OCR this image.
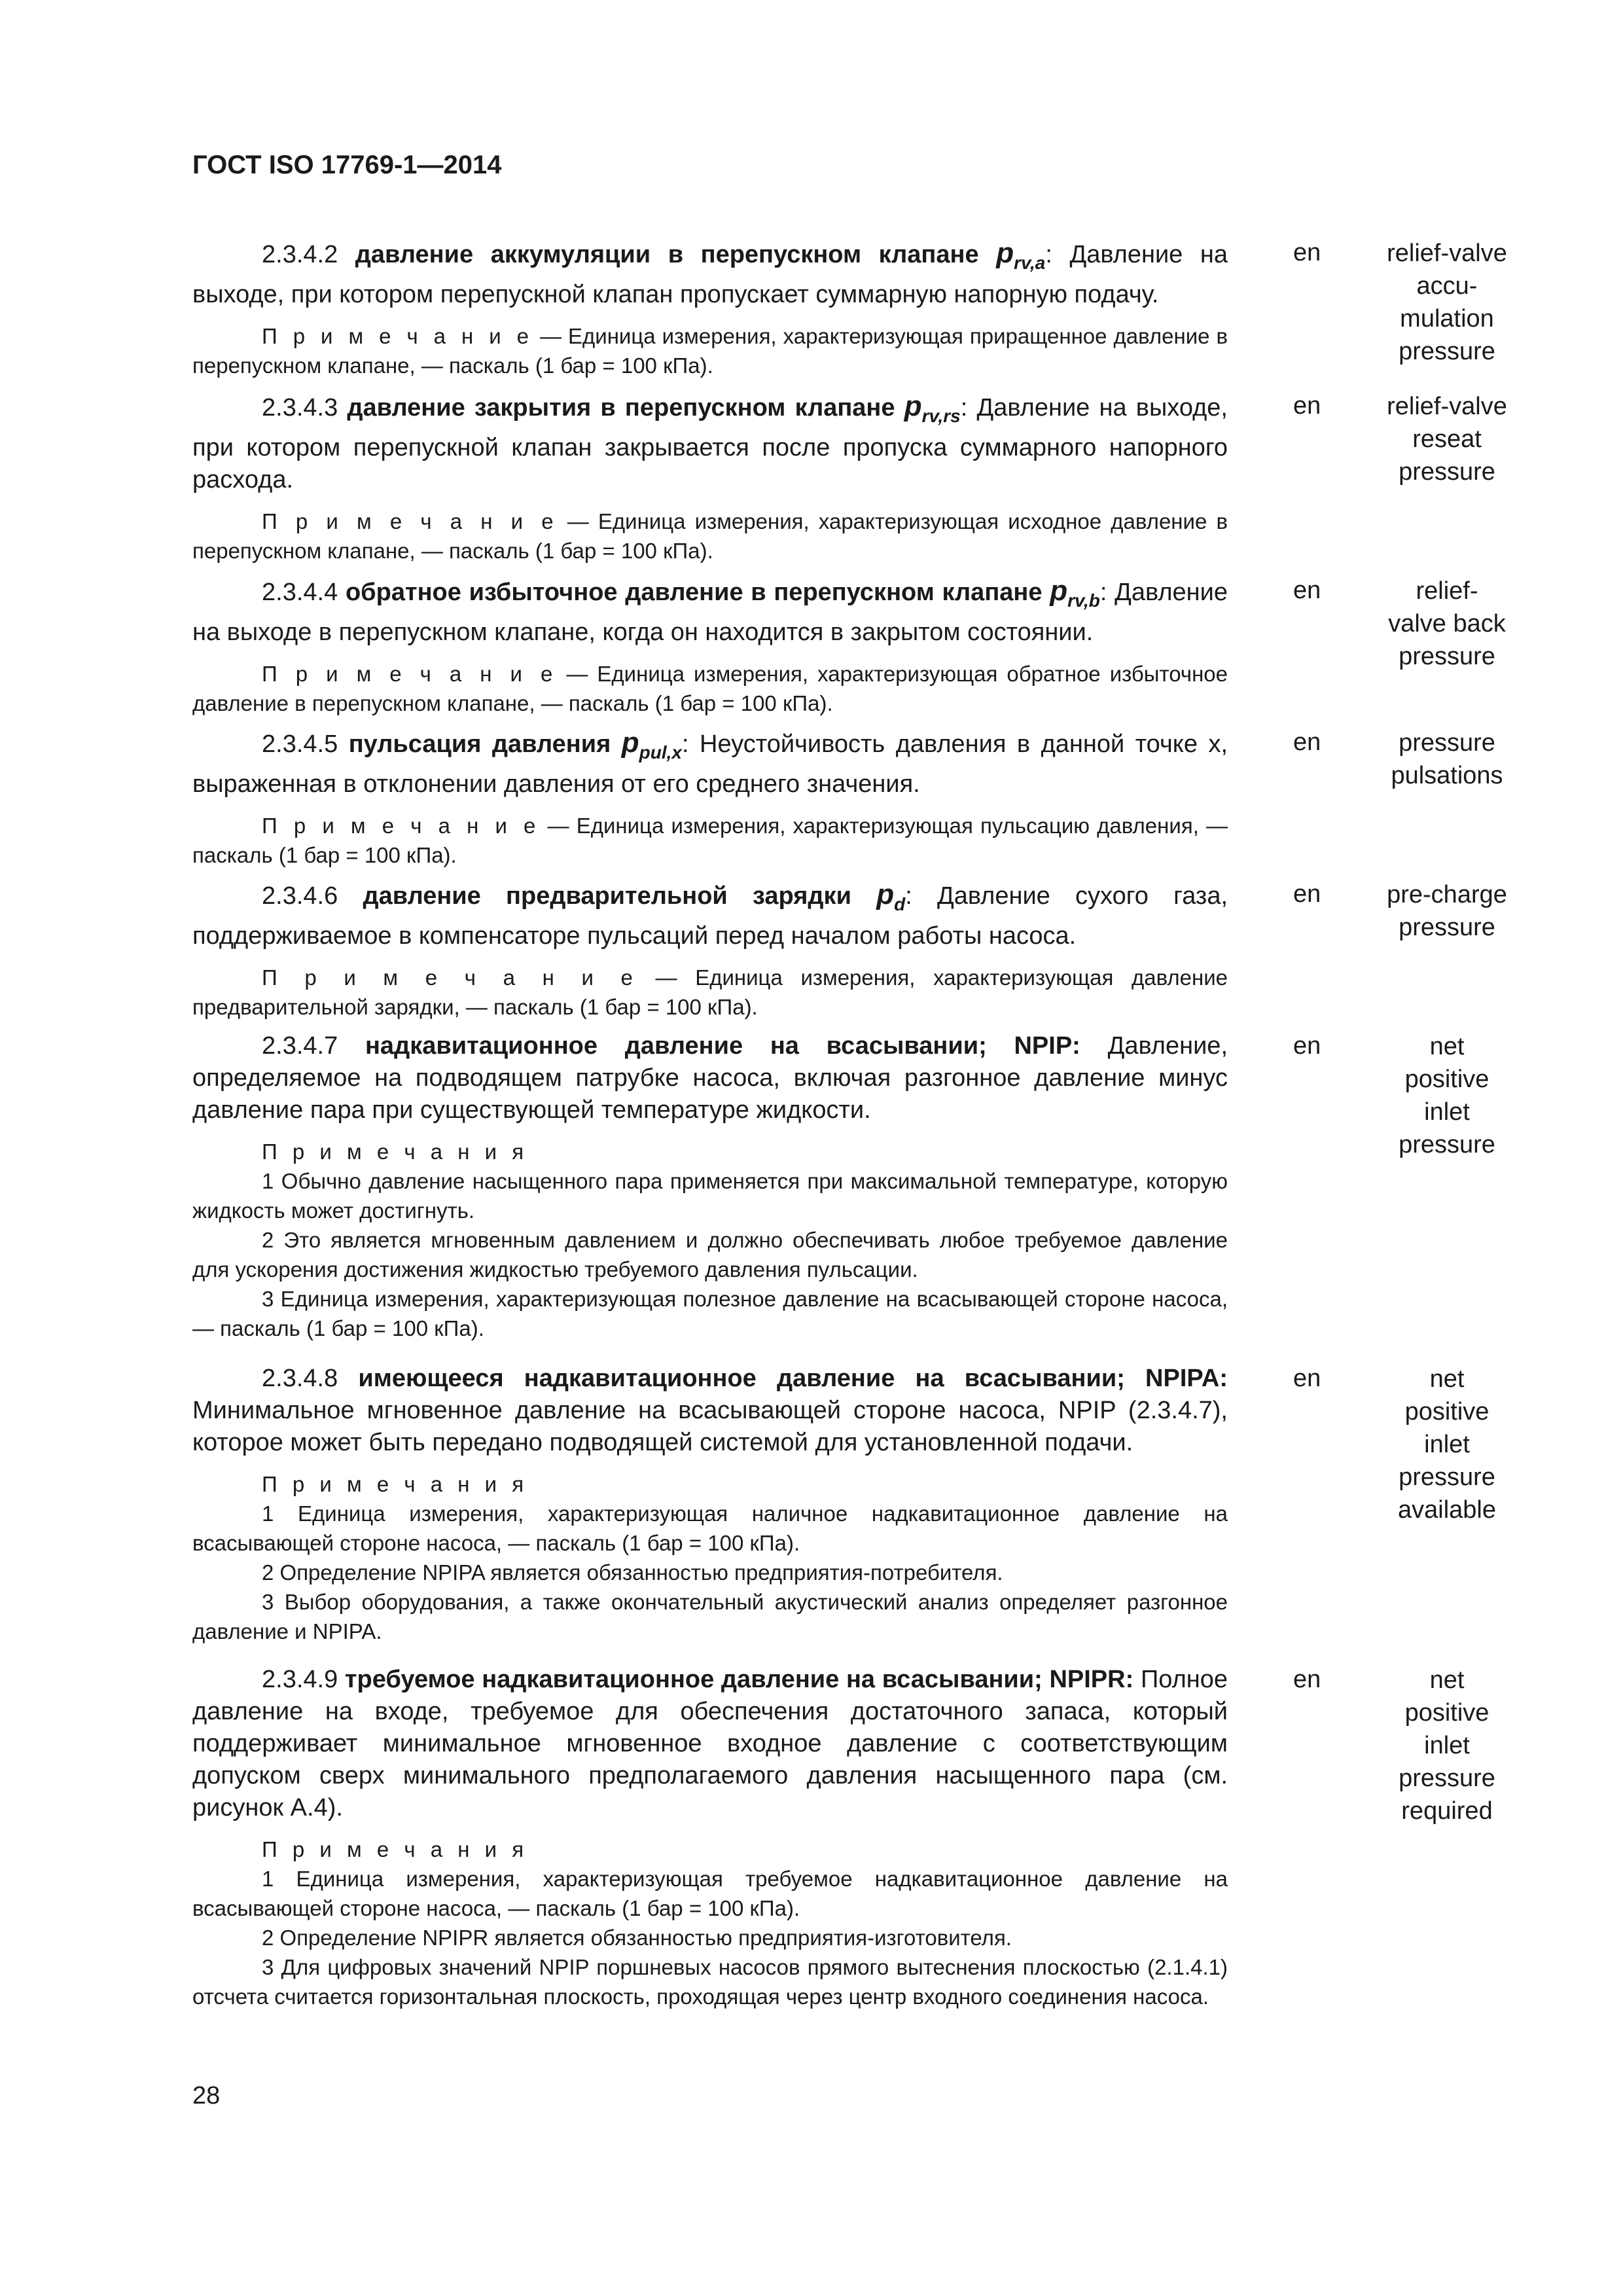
ГОСТ ISO 17769-1—2014

2.3.4.2 давление аккумуляции в перепускном клапане $p_{rv,a}$: Давление на выходе, при котором перепускной клапан пропускает суммарную напорную подачу.

П р и м е ч а н и е — Единица измерения, характеризующая приращенное давление в перепускном клапане, — паскаль (1 бар = 100 кПа).

en	relief-valve
accu-
mulation
pressure

2.3.4.3 давление закрытия в перепускном клапане $p_{rv,rs}$: Давление на выходе, при котором перепускной клапан закрывается после пропуска суммарного напорного расхода.

П р и м е ч а н и е — Единица измерения, характеризующая исходное давление в перепускном клапане, — паскаль (1 бар = 100 кПа).

en	relief-valve
reseat
pressure

2.3.4.4 обратное избыточное давление в перепускном клапане $p_{rv,b}$: Давление на выходе в перепускном клапане, когда он находится в закрытом состоянии.

П р и м е ч а н и е — Единица измерения, характеризующая обратное избыточное давление в перепускном клапане, — паскаль (1 бар = 100 кПа).

en	relief-
valve back
pressure

2.3.4.5 пульсация давления $p_{pul,x}$: Неустойчивость давления в данной точке x, выраженная в отклонении давления от его среднего значения.

П р и м е ч а н и е — Единица измерения, характеризующая пульсацию давления, — паскаль (1 бар = 100 кПа).

en	pressure
pulsations

2.3.4.6 давление предварительной зарядки $p_d$: Давление сухого газа, поддерживаемое в компенсаторе пульсаций перед началом работы насоса.

П р и м е ч а н и е — Единица измерения, характеризующая давление предварительной зарядки, — паскаль (1 бар = 100 кПа).

en	pre-charge
pressure

2.3.4.7 надкавитационное давление на всасывании; NPIP: Давление, определяемое на подводящем патрубке насоса, включая разгонное давление минус давление пара при существующей температуре жидкости.

П р и м е ч а н и я

1 Обычно давление насыщенного пара применяется при максимальной температуре, которую жидкость может достигнуть.

2 Это является мгновенным давлением и должно обеспечивать любое требуемое давление для ускорения достижения жидкостью требуемого давления пульсации.

3 Единица измерения, характеризующая полезное давление на всасывающей стороне насоса, — паскаль (1 бар = 100 кПа).

en	net
positive
inlet
pressure

2.3.4.8 имеющееся надкавитационное давление на всасывании; NPIPA: Минимальное мгновенное давление на всасывающей стороне насоса, NPIP (2.3.4.7), которое может быть передано подводящей системой для установленной подачи.

П р и м е ч а н и я

1 Единица измерения, характеризующая наличное надкавитационное давление на всасывающей стороне насоса, — паскаль (1 бар = 100 кПа).

2 Определение NPIPA является обязанностью предприятия-потребителя.

3 Выбор оборудования, а также окончательный акустический анализ определяет разгонное давление и NPIPA.

en	net
positive
inlet
pressure
available

2.3.4.9 требуемое надкавитационное давление на всасывании; NPIPR: Полное давление на входе, требуемое для обеспечения достаточного запаса, который поддерживает минимальное мгновенное входное давление с соответствующим допуском сверх минимального предполагаемого давления насыщенного пара (см. рисунок А.4).

П р и м е ч а н и я

1 Единица измерения, характеризующая требуемое надкавитационное давление на всасывающей стороне насоса, — паскаль (1 бар = 100 кПа).

2 Определение NPIPR является обязанностью предприятия-изготовителя.

3 Для цифровых значений NPIP поршневых насосов прямого вытеснения плоскостью (2.1.4.1) отсчета считается горизонтальная плоскость, проходящая через центр входного соединения насоса.

en	net
positive
inlet
pressure
required
28
